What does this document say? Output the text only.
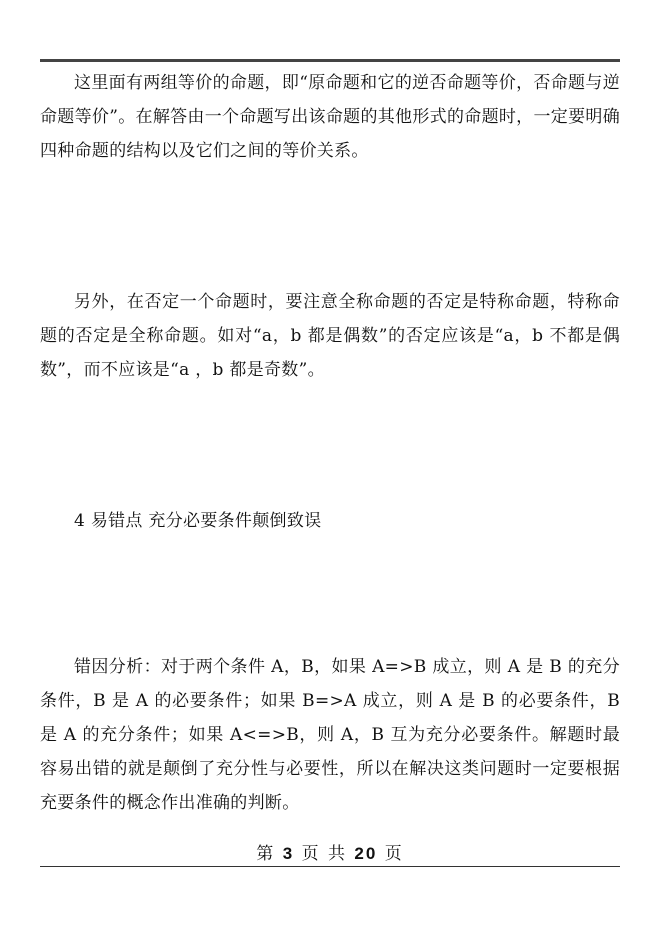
这里面有两组等价的命题，即“原命题和它的逆否命题等价，否命题与逆命题等价”。在解答由一个命题写出该命题的其他形式的命题时，一定要明确四种命题的结构以及它们之间的等价关系。

另外，在否定一个命题时，要注意全称命题的否定是特称命题，特称命题的否定是全称命题。如对“a，b 都是偶数”的否定应该是“a，b 不都是偶数”，而不应该是“a ，b 都是奇数”。

4 易错点 充分必要条件颠倒致误

错因分析：对于两个条件 A，B，如果 A=>B 成立，则 A 是 B 的充分条件，B 是 A 的必要条件；如果 B=>A 成立，则 A 是 B 的必要条件，B 是 A 的充分条件；如果 A<=>B，则 A，B 互为充分必要条件。解题时最容易出错的就是颠倒了充分性与必要性，所以在解决这类问题时一定要根据充要条件的概念作出准确的判断。

第 3 页 共 20 页
